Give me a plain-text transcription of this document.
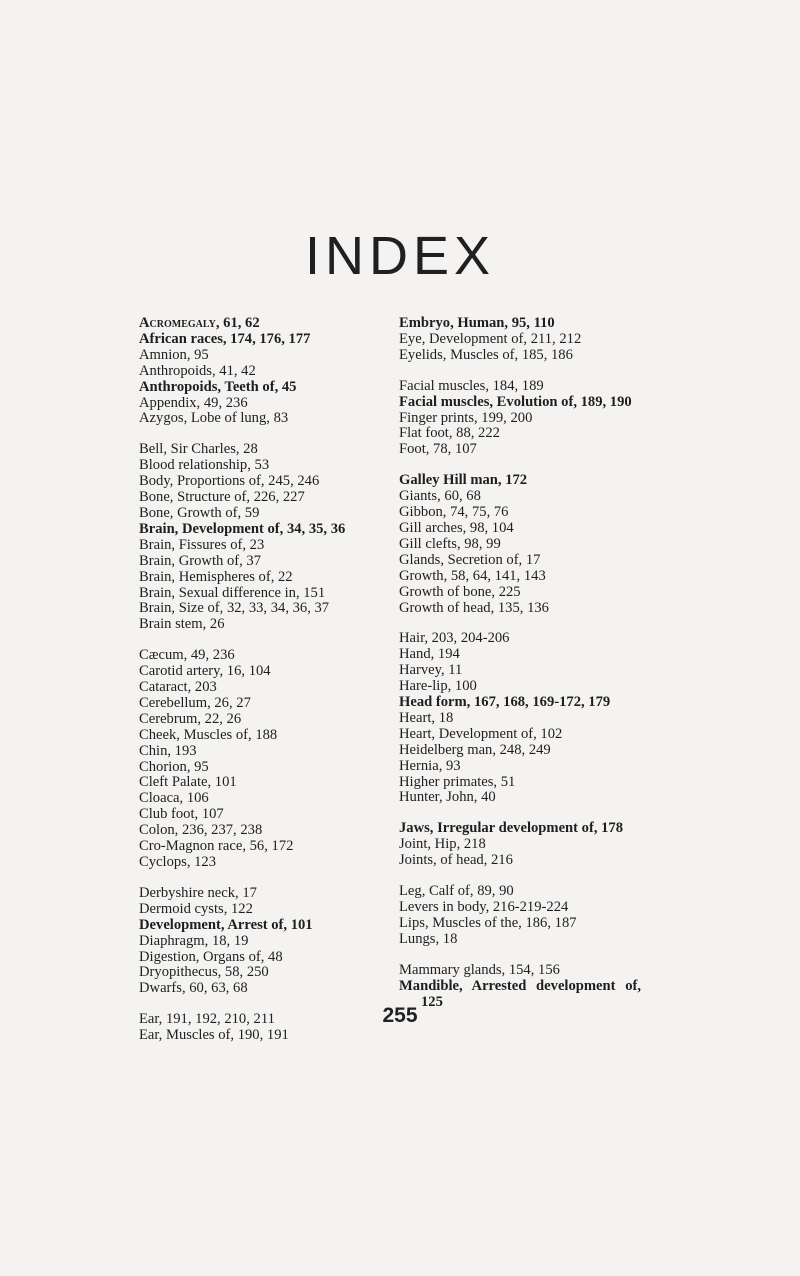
INDEX
Acromegaly, 61, 62
African races, 174, 176, 177
Amnion, 95
Anthropoids, 41, 42
Anthropoids, Teeth of, 45
Appendix, 49, 236
Azygos, Lobe of lung, 83
Bell, Sir Charles, 28
Blood relationship, 53
Body, Proportions of, 245, 246
Bone, Structure of, 226, 227
Bone, Growth of, 59
Brain, Development of, 34, 35, 36
Brain, Fissures of, 23
Brain, Growth of, 37
Brain, Hemispheres of, 22
Brain, Sexual difference in, 151
Brain, Size of, 32, 33, 34, 36, 37
Brain stem, 26
Cæcum, 49, 236
Carotid artery, 16, 104
Cataract, 203
Cerebellum, 26, 27
Cerebrum, 22, 26
Cheek, Muscles of, 188
Chin, 193
Chorion, 95
Cleft Palate, 101
Cloaca, 106
Club foot, 107
Colon, 236, 237, 238
Cro-Magnon race, 56, 172
Cyclops, 123
Derbyshire neck, 17
Dermoid cysts, 122
Development, Arrest of, 101
Diaphragm, 18, 19
Digestion, Organs of, 48
Dryopithecus, 58, 250
Dwarfs, 60, 63, 68
Ear, 191, 192, 210, 211
Ear, Muscles of, 190, 191
Embryo, Human, 95, 110
Eye, Development of, 211, 212
Eyelids, Muscles of, 185, 186
Facial muscles, 184, 189
Facial muscles, Evolution of, 189, 190
Finger prints, 199, 200
Flat foot, 88, 222
Foot, 78, 107
Galley Hill man, 172
Giants, 60, 68
Gibbon, 74, 75, 76
Gill arches, 98, 104
Gill clefts, 98, 99
Glands, Secretion of, 17
Growth, 58, 64, 141, 143
Growth of bone, 225
Growth of head, 135, 136
Hair, 203, 204-206
Hand, 194
Harvey, 11
Hare-lip, 100
Head form, 167, 168, 169-172, 179
Heart, 18
Heart, Development of, 102
Heidelberg man, 248, 249
Hernia, 93
Higher primates, 51
Hunter, John, 40
Jaws, Irregular development of, 178
Joint, Hip, 218
Joints, of head, 216
Leg, Calf of, 89, 90
Levers in body, 216-219-224
Lips, Muscles of the, 186, 187
Lungs, 18
Mammary glands, 154, 156
Mandible, Arrested development of, 125
255
